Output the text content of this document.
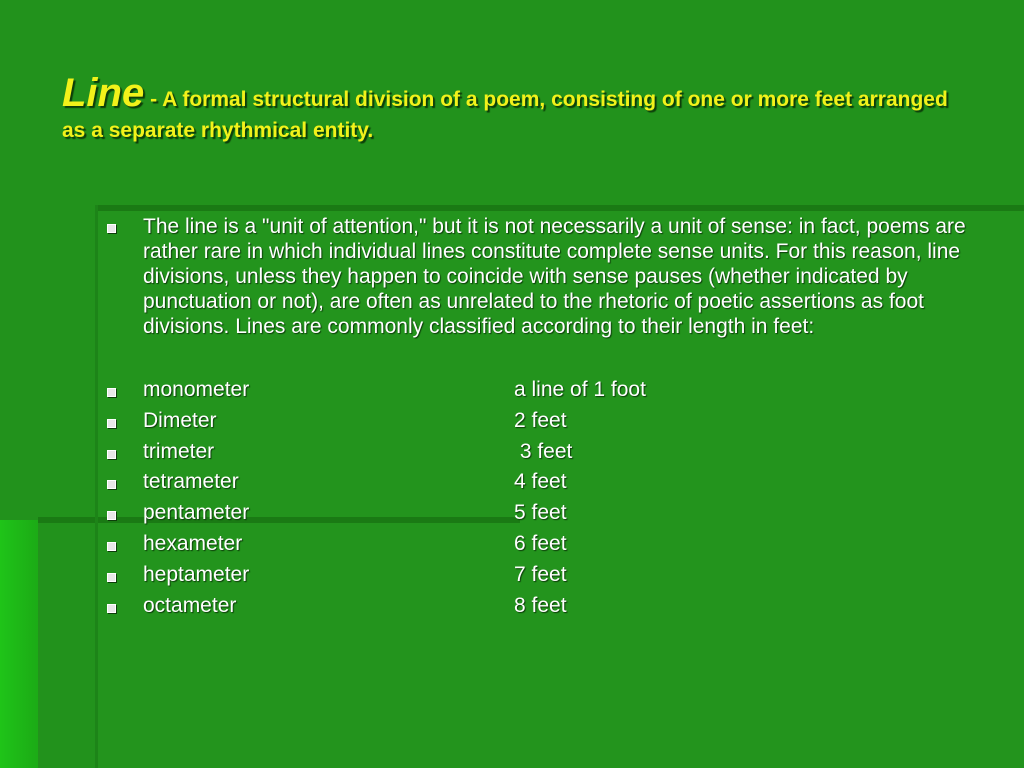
Line - A formal structural division of a poem, consisting of one or more feet arranged as a separate rhythmical entity.
The line is a "unit of attention," but it is not necessarily a unit of sense: in fact, poems are rather rare in which individual lines constitute complete sense units. For this reason, line divisions, unless they happen to coincide with sense pauses (whether indicated by punctuation or not), are often as unrelated to the rhetoric of poetic assertions as foot divisions. Lines are commonly classified according to their length in feet:
monometer	a line of 1 foot
Dimeter	2 feet
trimeter	3 feet
tetrameter	4 feet
pentameter	5 feet
hexameter	6 feet
heptameter	7 feet
octameter	8 feet
